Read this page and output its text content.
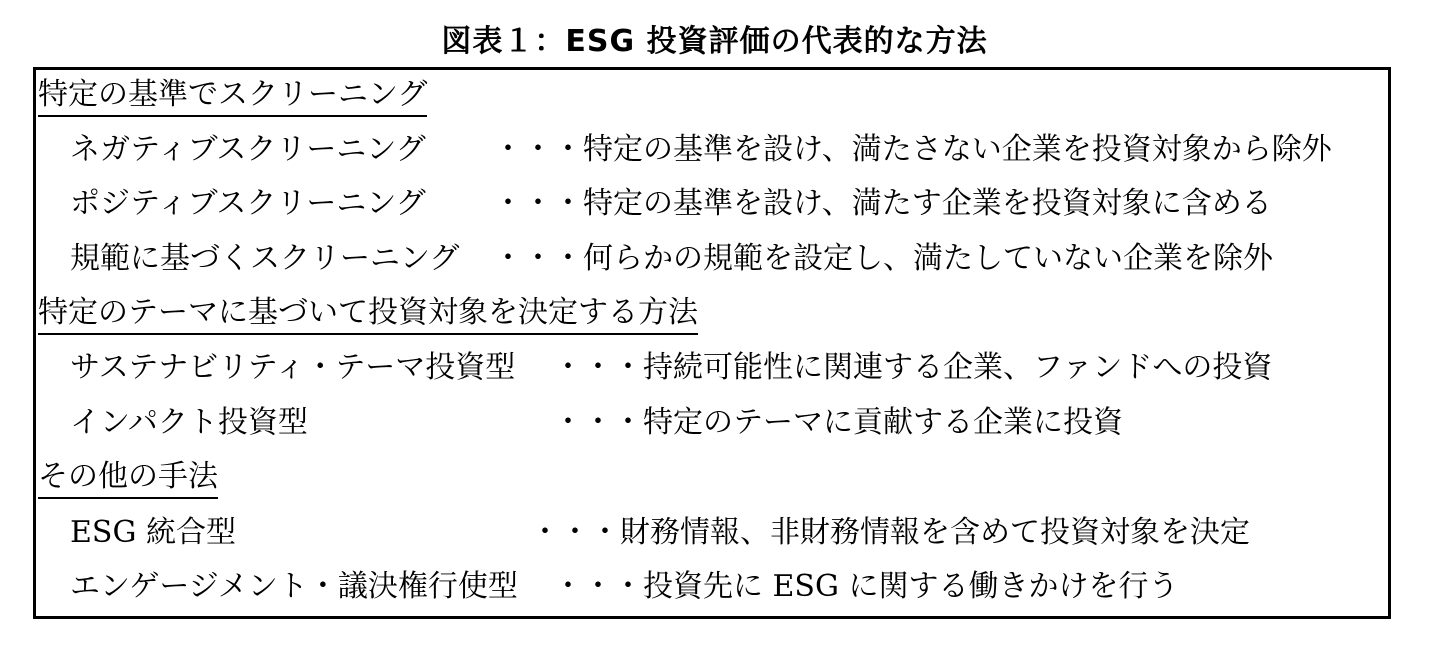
図表１：ESG 投資評価の代表的な方法
特定の基準でスクリーニング
ネガティブスクリーニング ・・・特定の基準を設け、満たさない企業を投資対象から除外
ポジティブスクリーニング ・・・特定の基準を設け、満たす企業を投資対象に含める
規範に基づくスクリーニング ・・・何らかの規範を設定し、満たしていない企業を除外
特定のテーマに基づいて投資対象を決定する方法
サステナビリティ・テーマ投資型 ・・・持続可能性に関連する企業、ファンドへの投資
インパクト投資型	・・・特定のテーマに貢献する企業に投資
その他の手法
ESG 統合型	・・・財務情報、非財務情報を含めて投資対象を決定
エンゲージメント・議決権行使型 ・・・投資先に ESG に関する働きかけを行う
